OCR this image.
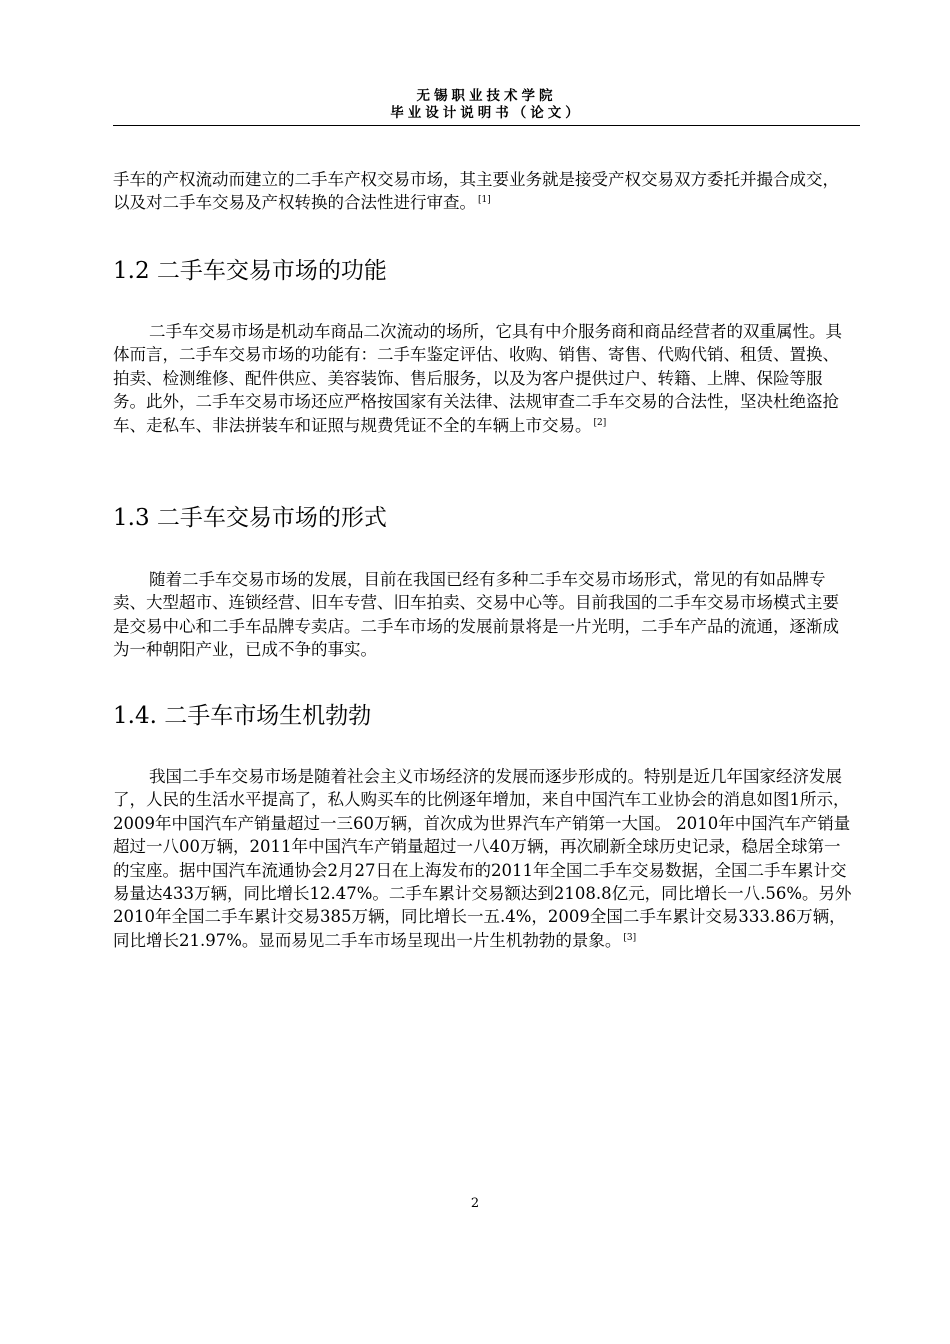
无锡职业技术学院
毕业设计说明书（论文）

手车的产权流动而建立的二手车产权交易市场，其主要业务就是接受产权交易双方委托并撮合成交，以及对二手车交易及产权转换的合法性进行审查。 [1]

1.2 二手车交易市场的功能

二手车交易市场是机动车商品二次流动的场所，它具有中介服务商和商品经营者的双重属性。具体而言，二手车交易市场的功能有：二手车鉴定评估、收购、销售、寄售、代购代销、租赁、置换、拍卖、检测维修、配件供应、美容装饰、售后服务，以及为客户提供过户、转籍、上牌、保险等服务。此外，二手车交易市场还应严格按国家有关法律、法规审查二手车交易的合法性，坚决杜绝盗抢车、走私车、非法拼装车和证照与规费凭证不全的车辆上市交易。 [2]

1.3 二手车交易市场的形式

随着二手车交易市场的发展，目前在我国已经有多种二手车交易市场形式，常见的有如品牌专卖、大型超市、连锁经营、旧车专营、旧车拍卖、交易中心等。目前我国的二手车交易市场模式主要是交易中心和二手车品牌专卖店。二手车市场的发展前景将是一片光明，二手车产品的流通，逐渐成为一种朝阳产业，已成不争的事实。

1.4. 二手车市场生机勃勃

我国二手车交易市场是随着社会主义市场经济的发展而逐步形成的。特别是近几年国家经济发展了，人民的生活水平提高了，私人购买车的比例逐年增加，来自中国汽车工业协会的消息如图1所示，2009年中国汽车产销量超过一三60万辆，首次成为世界汽车产销第一大国。 2010年中国汽车产销量超过一八00万辆，2011年中国汽车产销量超过一八40万辆，再次刷新全球历史记录，稳居全球第一的宝座。据中国汽车流通协会2月27日在上海发布的2011年全国二手车交易数据，全国二手车累计交易量达433万辆，同比增长12.47%。二手车累计交易额达到2108.8亿元，同比增长一八.56%。另外2010年全国二手车累计交易385万辆，同比增长一五.4%，2009全国二手车累计交易333.86万辆，同比增长21.97%。显而易见二手车市场呈现出一片生机勃勃的景象。 [3]

2
